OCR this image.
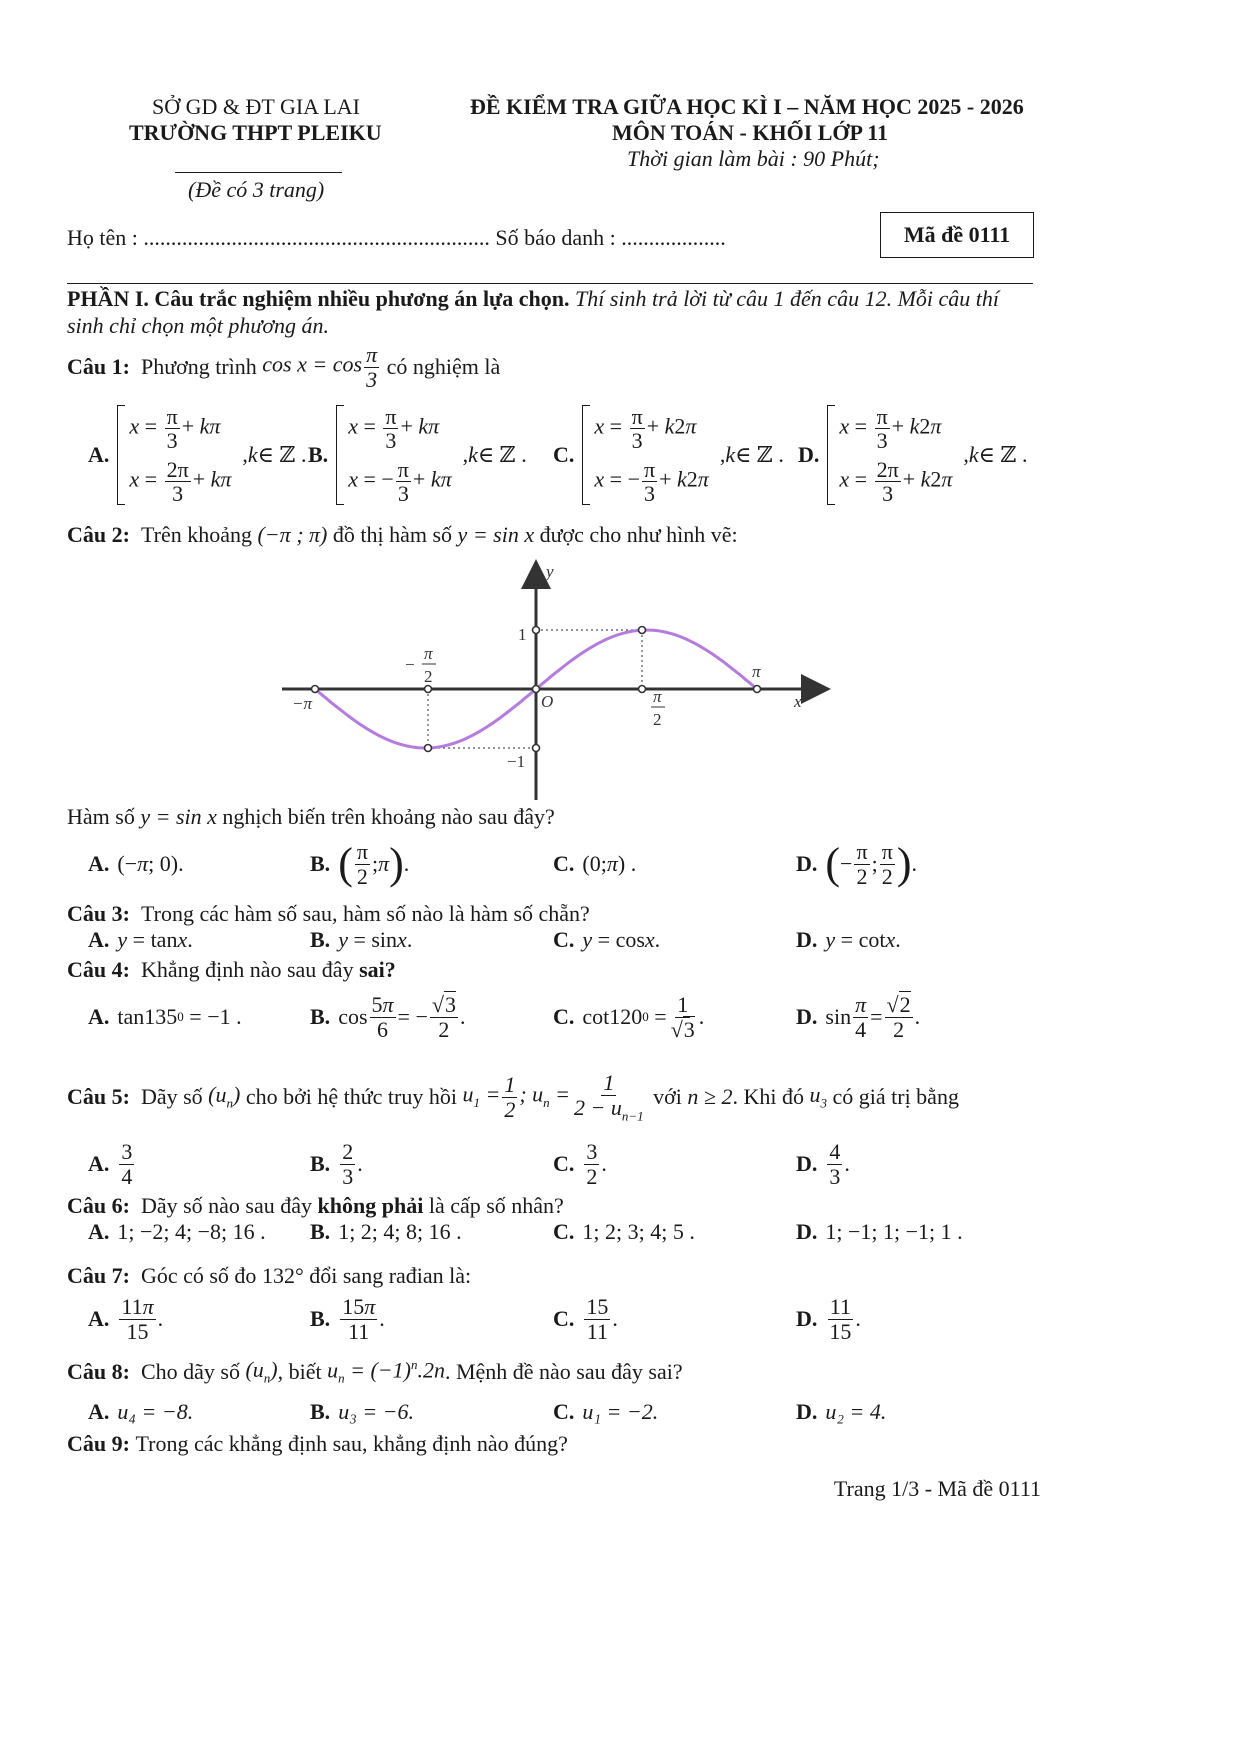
SỞ GD & ĐT GIA LAI
TRƯỜNG THPT PLEIKU
(Đề có 3 trang)
ĐỀ KIỂM TRA GIỮA HỌC KÌ I – NĂM HỌC 2025 - 2026
MÔN TOÁN - KHỐI LỚP 11
Thời gian làm bài : 90 Phút;
Họ tên : ............................................................... Số báo danh : ...................	Mã đề 0111
PHẦN I. Câu trắc nghiệm nhiều phương án lựa chọn. Thí sinh trả lời từ câu 1 đến câu 12. Mỗi câu thí
sinh chỉ chọn một phương án.
Câu 1:
Phương trình
$\cos x = \cos \frac{\pi}{3}$
có nghiệm là
A.
$x = \frac{\pi}{3} + k\pi$
$x = \frac{2\pi}{3} + k\pi$
, k ∈ ℤ . B.
$x = \frac{\pi}{3} + k\pi$
x = − $\frac{\pi}{3} + k\pi$
, k ∈ ℤ .	C.
$x = \frac{\pi}{3} + k2\pi$
x = − $\frac{\pi}{3} + k2\pi$
, k ∈ ℤ . D.
$x = \frac{\pi}{3} + k2\pi$
$x = \frac{2\pi}{3} + k2\pi$
, k ∈ ℤ .
Câu 2:
Trên khoảng
(−π ; π)
đồ thị hàm số
y = sin x
được cho như hình vẽ:
y
x
O
−π
π
1
−1
−
π
2
π
2
Hàm số
y = sin x
nghịch biến trên khoảng nào sau đây?
A. (− π ; 0).	B. ( $\frac{\pi}{2}$ ; π ) .	C. (0; π ) .	D. ( − $\frac{\pi}{2}$ ; $\frac{\pi}{2}$ ) .
Câu 3:
Trong các hàm số sau, hàm số nào là hàm số chẵn?
A. y = tan x .	B. y = sin x .	C. y = cos x .	D. y = cot x .
Câu 4:
Khẳng định nào sau đây
sai?
A. tan135 0 = −1 .	B. $\cos \frac{5\pi}{6}$ = − $\frac{√3}{2}$ .	C. cot120 $0 = \frac{1}{√3}$ .	D. $\sin \frac{\pi}{4} = \frac{√2}{2}$ .
Câu 5:
Dãy số
$(u_n)$
cho bởi hệ thức truy hồi
$u_1 = \frac{1}{2}$ ; $u_n = \frac{1}{2 - u_{n-1}}$
với
n ≥ 2 . Khi đó
$u_3$
có giá trị bằng
A. $\frac{3}{4}$	B. $\frac{2}{3}$ .	C. $\frac{3}{2}$ .	D. $\frac{4}{3}$ .
Câu 6:
Dãy số nào sau đây
không phải
là cấp số nhân?
A. 1; −2; 4; −8; 16 . B. 1; 2; 4; 8; 16 .	C. 1; 2; 3; 4; 5 .	D. 1; −1; 1; −1; 1 .
Câu 7:
Góc có số đo
132°
đổi sang rađian là:
A. $\frac{11\pi}{15}$ .	B. $\frac{15\pi}{11}$ .	C. $\frac{15}{11}$ .	D. $\frac{11}{15}$ .
Câu 8:
Cho dãy số
$(u_n)$ , biết
$u_n = (-1)^n.2n$ . Mệnh đề nào sau đây sai?
A. u₄ = −8.	B. u₃ = −6.	C. u₁ = −2.	D. u₂ = 4.
Câu 9:
Trong các khẳng định sau, khẳng định nào đúng?
Trang 1/3 - Mã đề 0111
